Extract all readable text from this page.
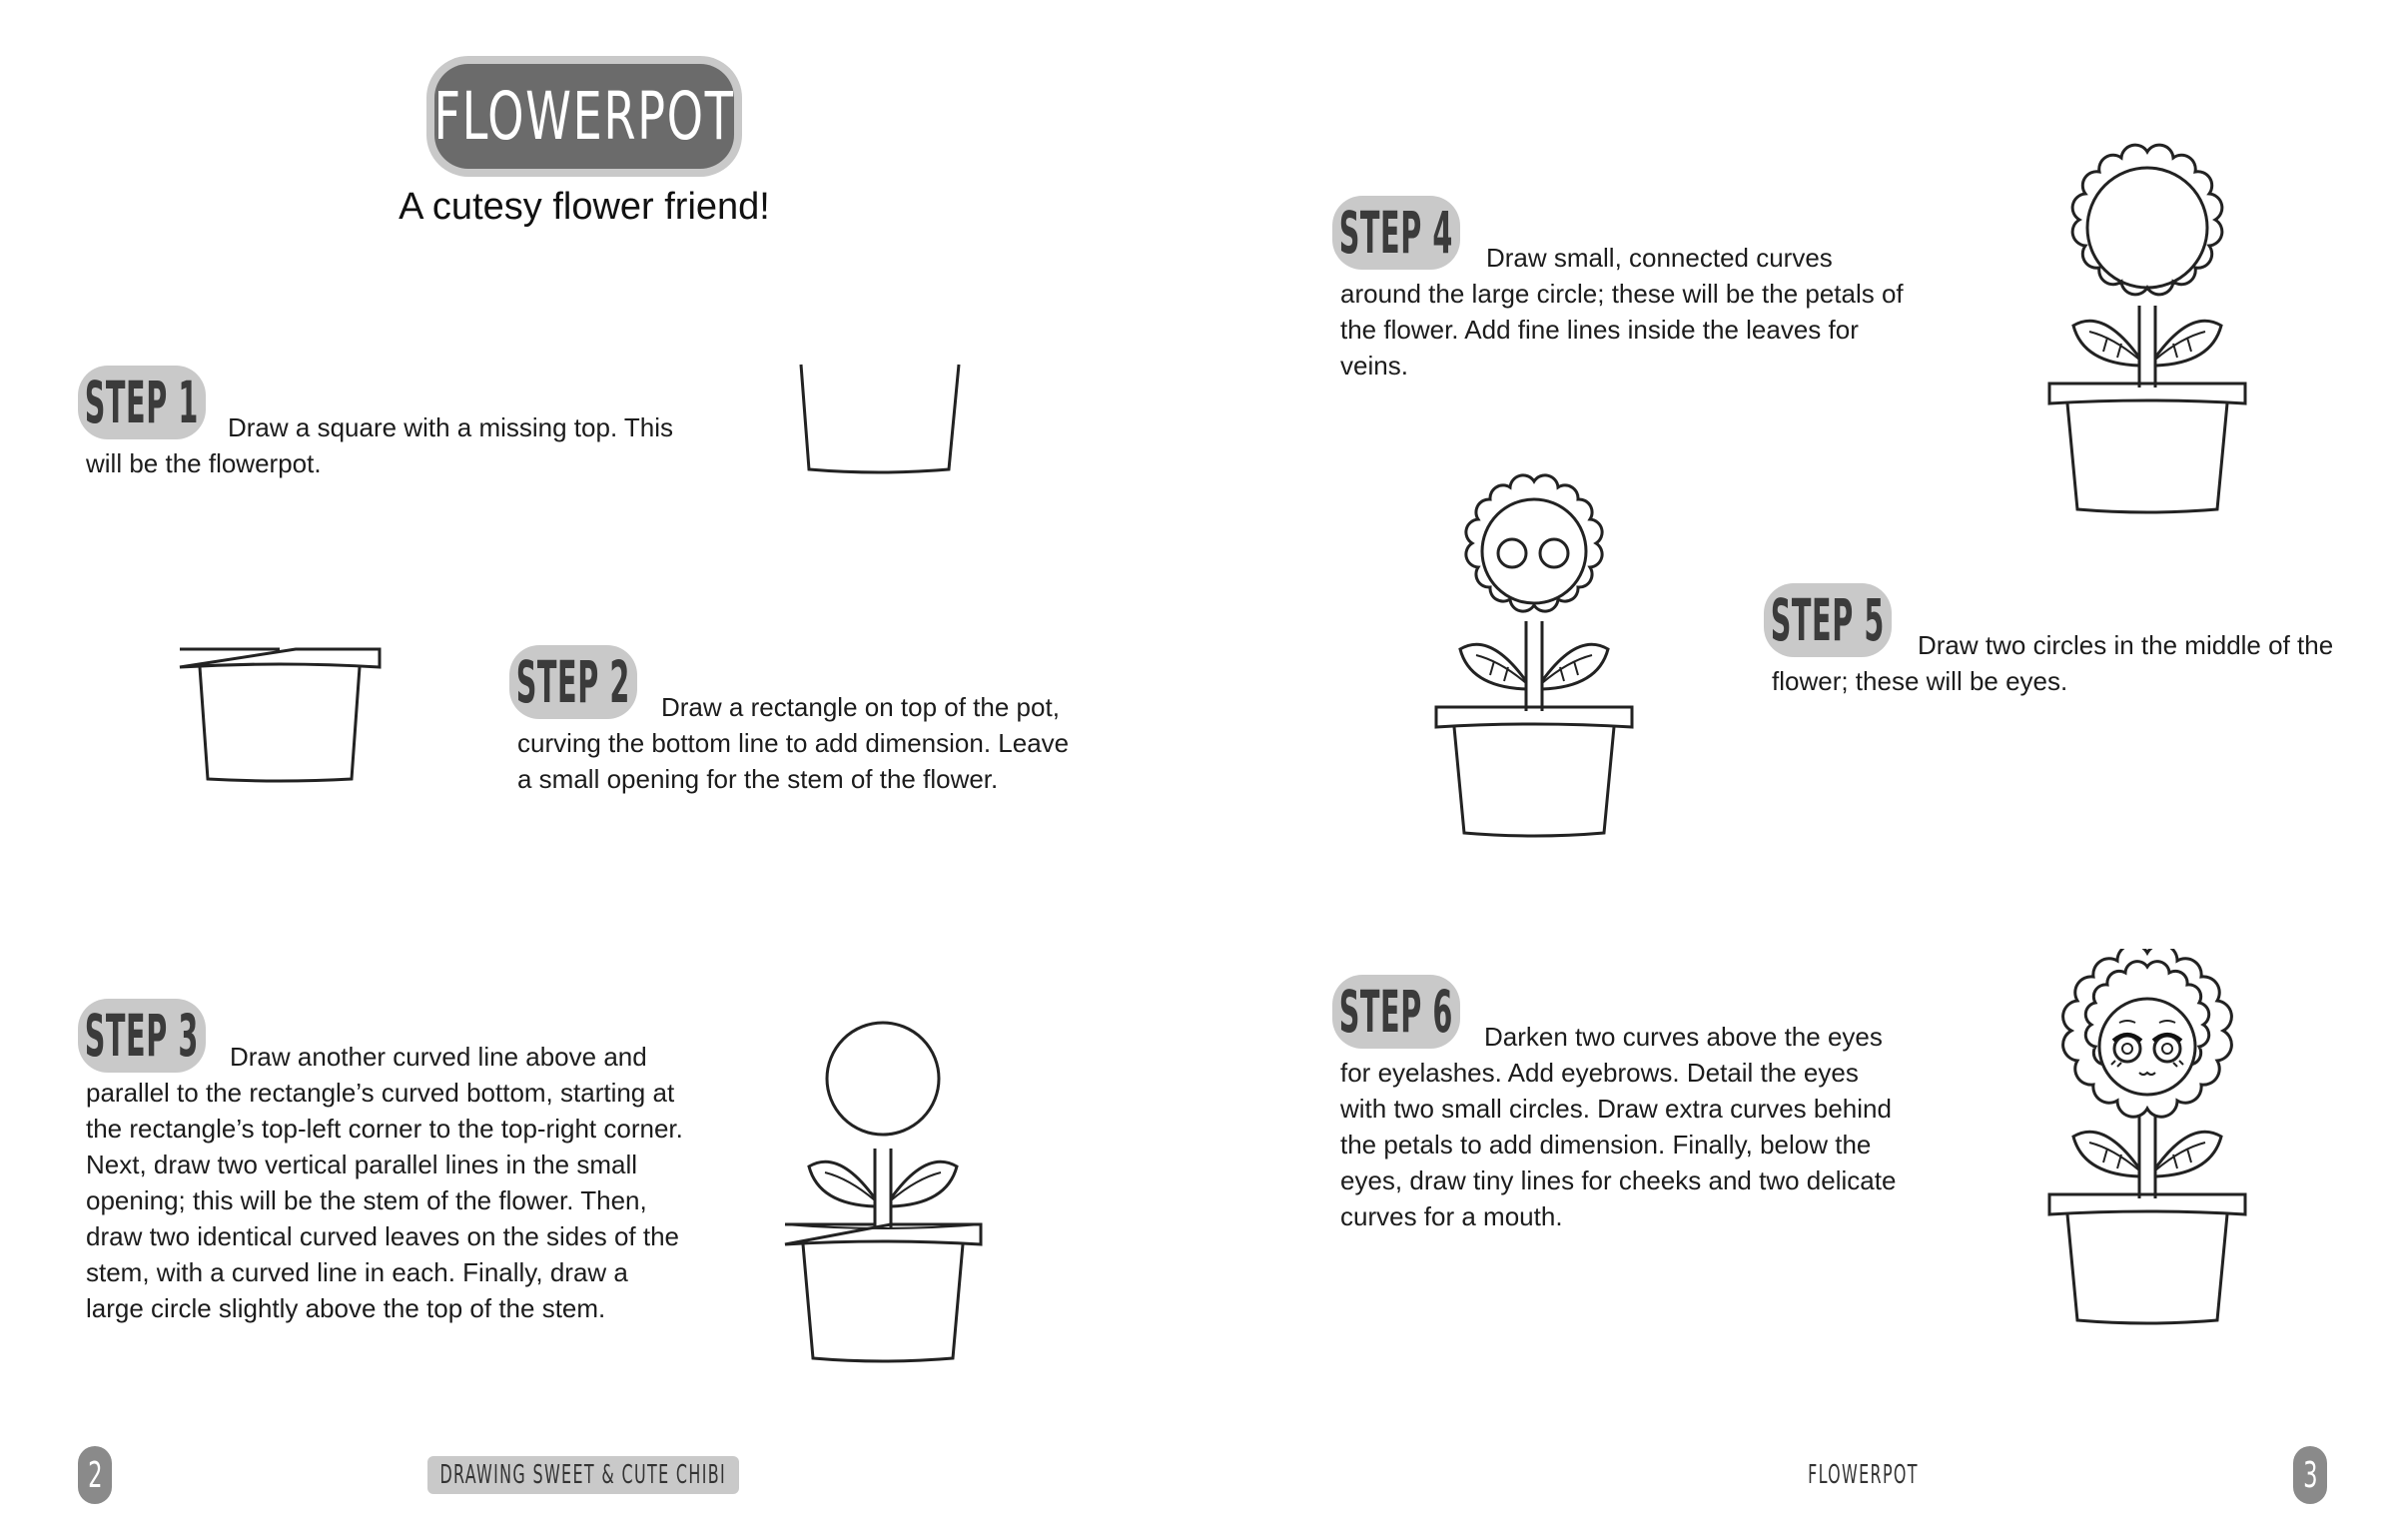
FLOWERPOT
A cutesy flower friend!
STEP 1	Draw a square with a missing top. This will be the flowerpot.
STEP 2	Draw a rectangle on top of the pot, curving the bottom line to add dimension. Leave a small opening for the stem of the flower.
STEP 3	Draw another curved line above and parallel to the rectangle’s curved bottom, starting at the rectangle’s top-left corner to the top-right corner. Next, draw two vertical parallel lines in the small opening; this will be the stem of the flower. Then, draw two identical curved leaves on the sides of the stem, with a curved line in each. Finally, draw a large circle slightly above the top of the stem.
2	DRAWING SWEET & CUTE CHIBI
STEP 4	Draw small, connected curves around the large circle; these will be the petals of the flower. Add fine lines inside the leaves for veins.
STEP 5	Draw two circles in the middle of the flower; these will be eyes.
STEP 6	Darken two curves above the eyes for eyelashes. Add eyebrows. Detail the eyes with two small circles. Draw extra curves behind the petals to add dimension. Finally, below the eyes, draw tiny lines for cheeks and two delicate curves for a mouth.
FLOWERPOT	3
